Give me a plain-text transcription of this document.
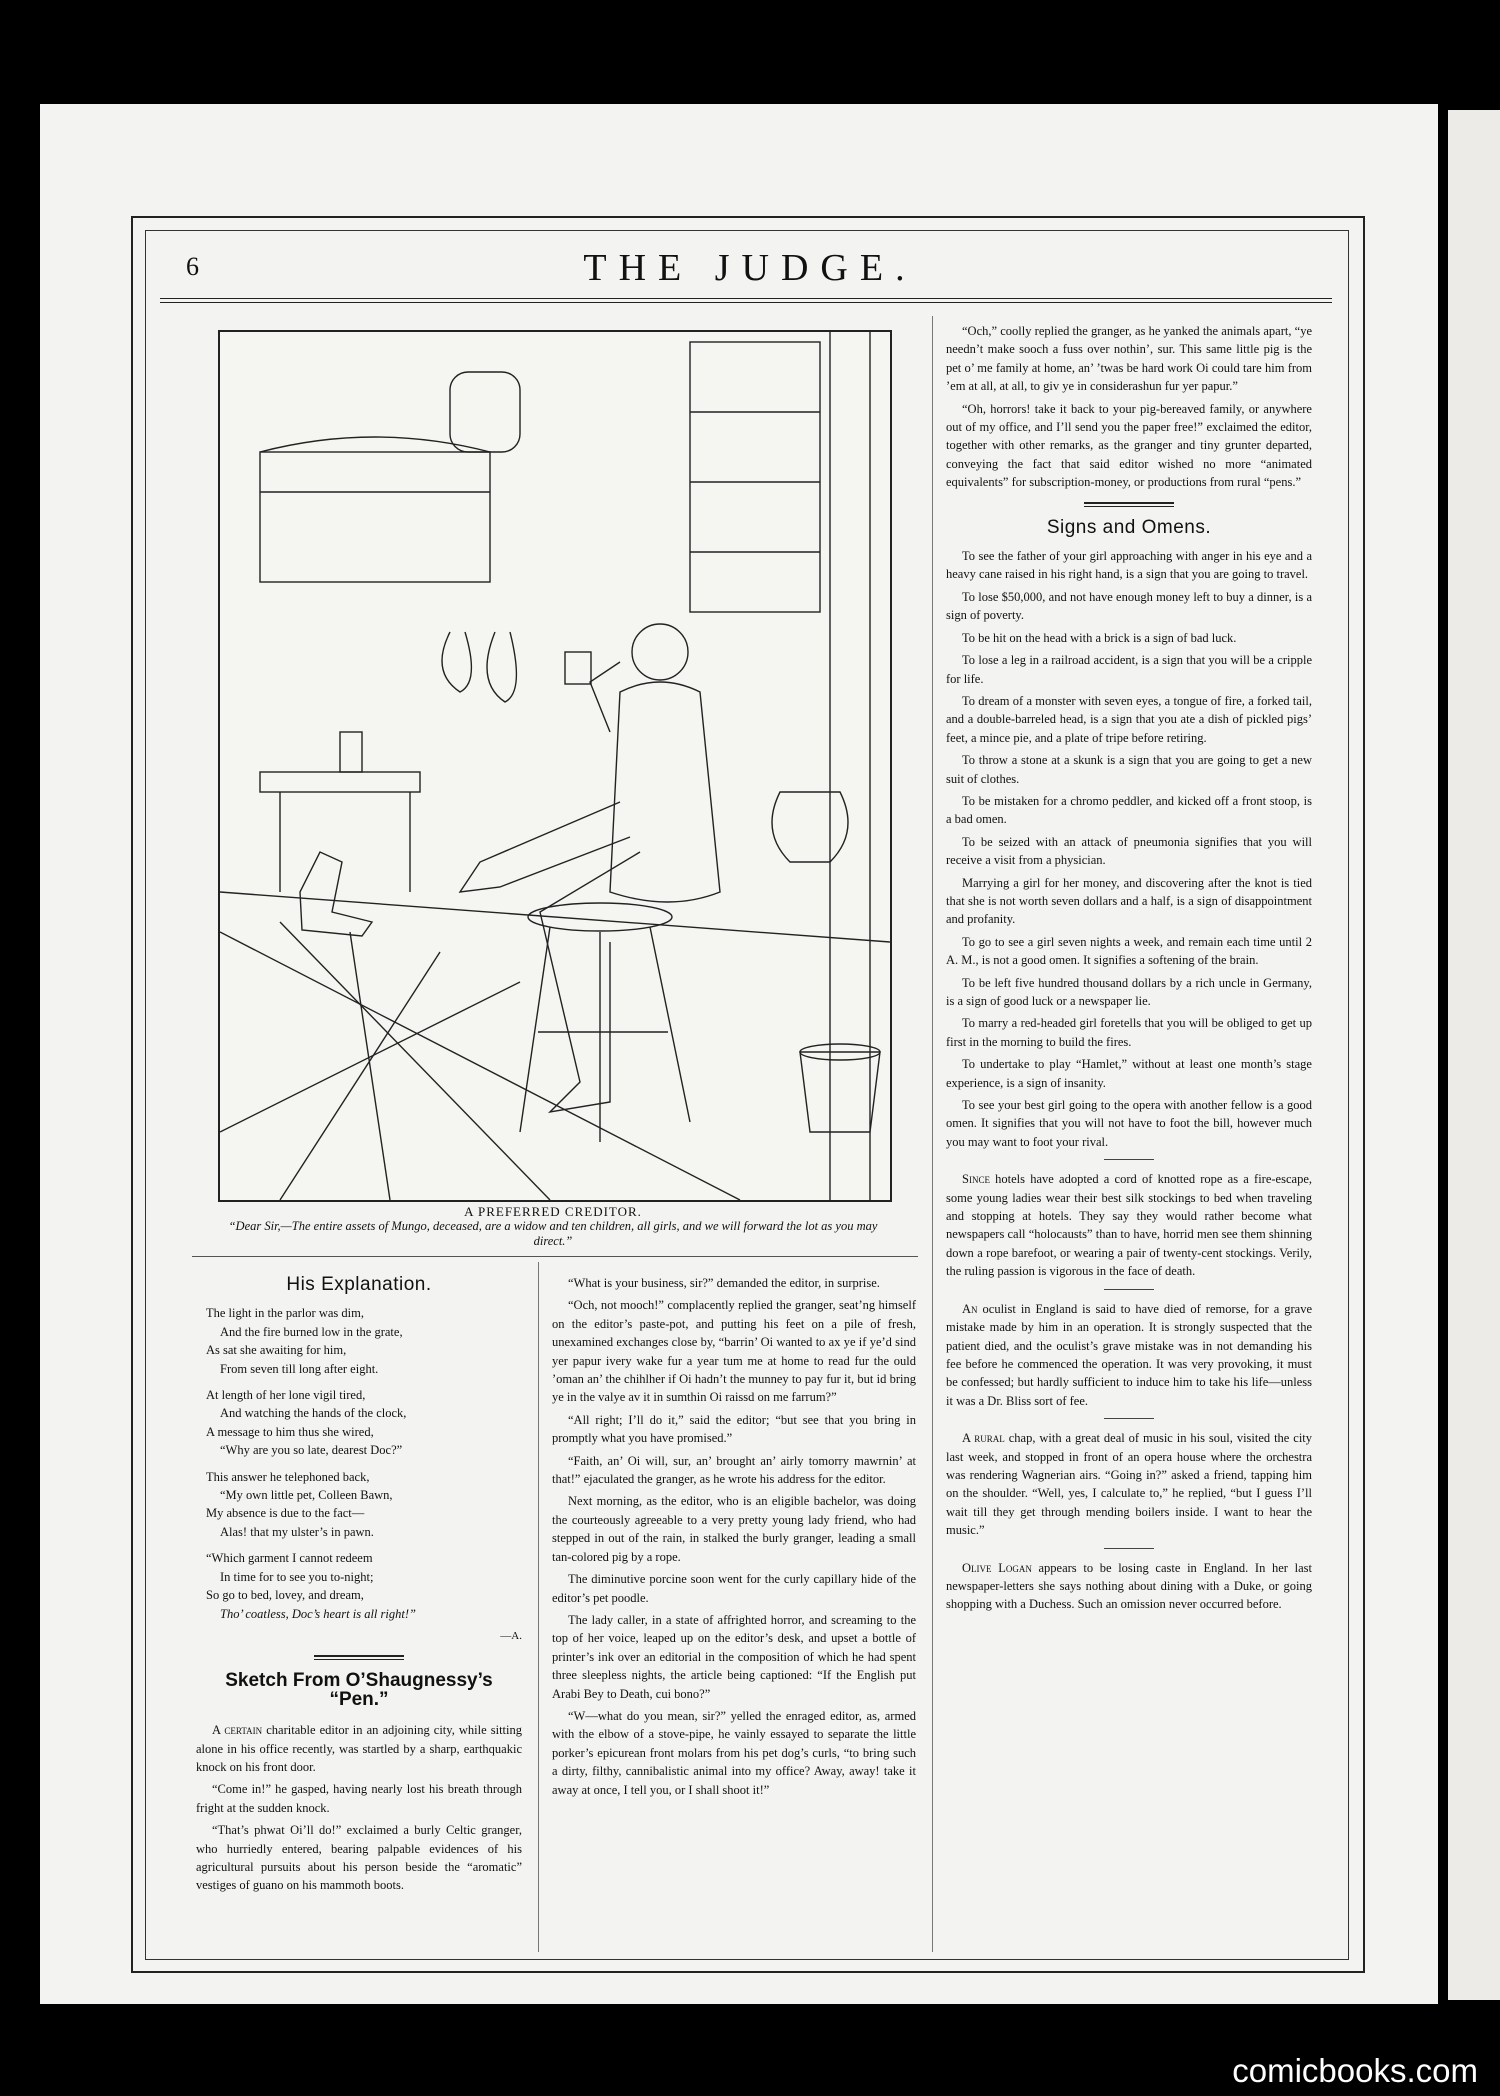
6	THE JUDGE.
A PREFERRED CREDITOR.
“Dear Sir,—The entire assets of Mungo, deceased, are a widow and ten children, all girls, and we will forward the lot as you may direct.”
His Explanation.
The light in the parlor was dim,
And the fire burned low in the grate,
As sat she awaiting for him,
From seven till long after eight.
At length of her lone vigil tired,
And watching the hands of the clock,
A message to him thus she wired,
“Why are you so late, dearest Doc?”
This answer he telephoned back,
“My own little pet, Colleen Bawn,
My absence is due to the fact—
Alas! that my ulster’s in pawn.
“Which garment I cannot redeem
In time for to see you to-night;
So go to bed, lovey, and dream,
Tho’ coatless, Doc’s heart is all right!”
—A.
Sketch From O’Shaugnessy’s “Pen.”

A certain charitable editor in an adjoining city, while sitting alone in his office recently, was startled by a sharp, earthquakic knock on his front door.

“Come in!” he gasped, having nearly lost his breath through fright at the sudden knock.

“That’s phwat Oi’ll do!” exclaimed a burly Celtic granger, who hurriedly entered, bearing palpable evidences of his agricultural pursuits about his person beside the “aromatic” vestiges of guano on his mammoth boots.

“What is your business, sir?” demanded the editor, in surprise.

“Och, not mooch!” complacently replied the granger, seat’ng himself on the editor’s paste-pot, and putting his feet on a pile of fresh, unexamined exchanges close by, “barrin’ Oi wanted to ax ye if ye’d sind yer papur ivery wake fur a year tum me at home to read fur the ould ’oman an’ the chihlher if Oi hadn’t the munney to pay fur it, but id bring ye in the valye av it in sumthin Oi raissd on me farrum?”

“All right; I’ll do it,” said the editor; “but see that you bring in promptly what you have promised.”

“Faith, an’ Oi will, sur, an’ brought an’ airly tomorry mawrnin’ at that!” ejaculated the granger, as he wrote his address for the editor.

Next morning, as the editor, who is an eligible bachelor, was doing the courteously agreeable to a very pretty young lady friend, who had stepped in out of the rain, in stalked the burly granger, leading a small tan-colored pig by a rope.

The diminutive porcine soon went for the curly capillary hide of the editor’s pet poodle.

The lady caller, in a state of affrighted horror, and screaming to the top of her voice, leaped up on the editor’s desk, and upset a bottle of printer’s ink over an editorial in the composition of which he had spent three sleepless nights, the article being captioned: “If the English put Arabi Bey to Death, cui bono?”

“W—what do you mean, sir?” yelled the enraged editor, as, armed with the elbow of a stove-pipe, he vainly essayed to separate the little porker’s epicurean front molars from his pet dog’s curls, “to bring such a dirty, filthy, cannibalistic animal into my office? Away, away! take it away at once, I tell you, or I shall shoot it!”

“Och,” coolly replied the granger, as he yanked the animals apart, “ye needn’t make sooch a fuss over nothin’, sur. This same little pig is the pet o’ me family at home, an’ ’twas be hard work Oi could tare him from ’em at all, at all, to giv ye in considerashun fur yer papur.”

“Oh, horrors! take it back to your pig-bereaved family, or anywhere out of my office, and I’ll send you the paper free!” exclaimed the editor, together with other remarks, as the granger and tiny grunter departed, conveying the fact that said editor wished no more “animated equivalents” for subscription-money, or productions from rural “pens.”

Signs and Omens.

To see the father of your girl approaching with anger in his eye and a heavy cane raised in his right hand, is a sign that you are going to travel.

To lose $50,000, and not have enough money left to buy a dinner, is a sign of poverty.

To be hit on the head with a brick is a sign of bad luck.

To lose a leg in a railroad accident, is a sign that you will be a cripple for life.

To dream of a monster with seven eyes, a tongue of fire, a forked tail, and a double-barreled head, is a sign that you ate a dish of pickled pigs’ feet, a mince pie, and a plate of tripe before retiring.

To throw a stone at a skunk is a sign that you are going to get a new suit of clothes.

To be mistaken for a chromo peddler, and kicked off a front stoop, is a bad omen.

To be seized with an attack of pneumonia signifies that you will receive a visit from a physician.

Marrying a girl for her money, and discovering after the knot is tied that she is not worth seven dollars and a half, is a sign of disappointment and profanity.

To go to see a girl seven nights a week, and remain each time until 2 A. M., is not a good omen. It signifies a softening of the brain.

To be left five hundred thousand dollars by a rich uncle in Germany, is a sign of good luck or a newspaper lie.

To marry a red-headed girl foretells that you will be obliged to get up first in the morning to build the fires.

To undertake to play “Hamlet,” without at least one month’s stage experience, is a sign of insanity.

To see your best girl going to the opera with another fellow is a good omen. It signifies that you will not have to foot the bill, however much you may want to foot your rival.

Since hotels have adopted a cord of knotted rope as a fire-escape, some young ladies wear their best silk stockings to bed when traveling and stopping at hotels. They say they would rather become what newspapers call “holocausts” than to have, horrid men see them shinning down a rope barefoot, or wearing a pair of twenty-cent stockings. Verily, the ruling passion is vigorous in the face of death.

An oculist in England is said to have died of remorse, for a grave mistake made by him in an operation. It is strongly suspected that the patient died, and the oculist’s grave mistake was in not demanding his fee before he commenced the operation. It was very provoking, it must be confessed; but hardly sufficient to induce him to take his life—unless it was a Dr. Bliss sort of fee.

A rural chap, with a great deal of music in his soul, visited the city last week, and stopped in front of an opera house where the orchestra was rendering Wagnerian airs. “Going in?” asked a friend, tapping him on the shoulder. “Well, yes, I calculate to,” he replied, “but I guess I’ll wait till they get through mending boilers inside. I want to hear the music.”

Olive Logan appears to be losing caste in England. In her last newspaper-letters she says nothing about dining with a Duke, or going shopping with a Duchess. Such an omission never occurred before.

comicbooks.com
